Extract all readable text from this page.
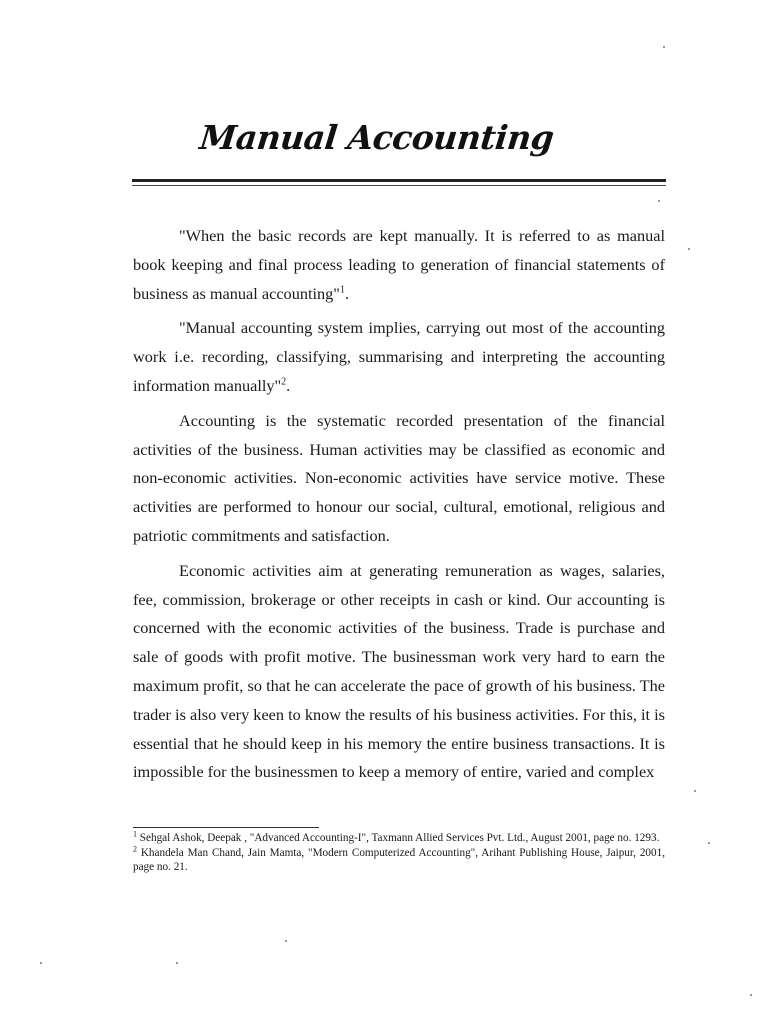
Manual Accounting

"When the basic records are kept manually. It is referred to as manual book keeping and final process leading to generation of financial statements of business as manual accounting"$^1$.

"Manual accounting system implies, carrying out most of the accounting work i.e. recording, classifying, summarising and interpreting the accounting information manually"$^2$.

Accounting is the systematic recorded presentation of the financial activities of the business. Human activities may be classified as economic and non-economic activities. Non-economic activities have service motive. These activities are performed to honour our social, cultural, emotional, religious and patriotic commitments and satisfaction.

Economic activities aim at generating remuneration as wages, salaries, fee, commission, brokerage or other receipts in cash or kind. Our accounting is concerned with the economic activities of the business. Trade is purchase and sale of goods with profit motive. The businessman work very hard to earn the maximum profit, so that he can accelerate the pace of growth of his business. The trader is also very keen to know the results of his business activities. For this, it is essential that he should keep in his memory the entire business transactions. It is impossible for the businessmen to keep a memory of entire, varied and complex

$^1$ Sehgal Ashok, Deepak , "Advanced Accounting-I", Taxmann Allied Services Pvt. Ltd., August 2001, page no. 1293.

$^2$ Khandela Man Chand, Jain Mamta, "Modern Computerized Accounting", Arihant Publishing House, Jaipur, 2001, page no. 21.
